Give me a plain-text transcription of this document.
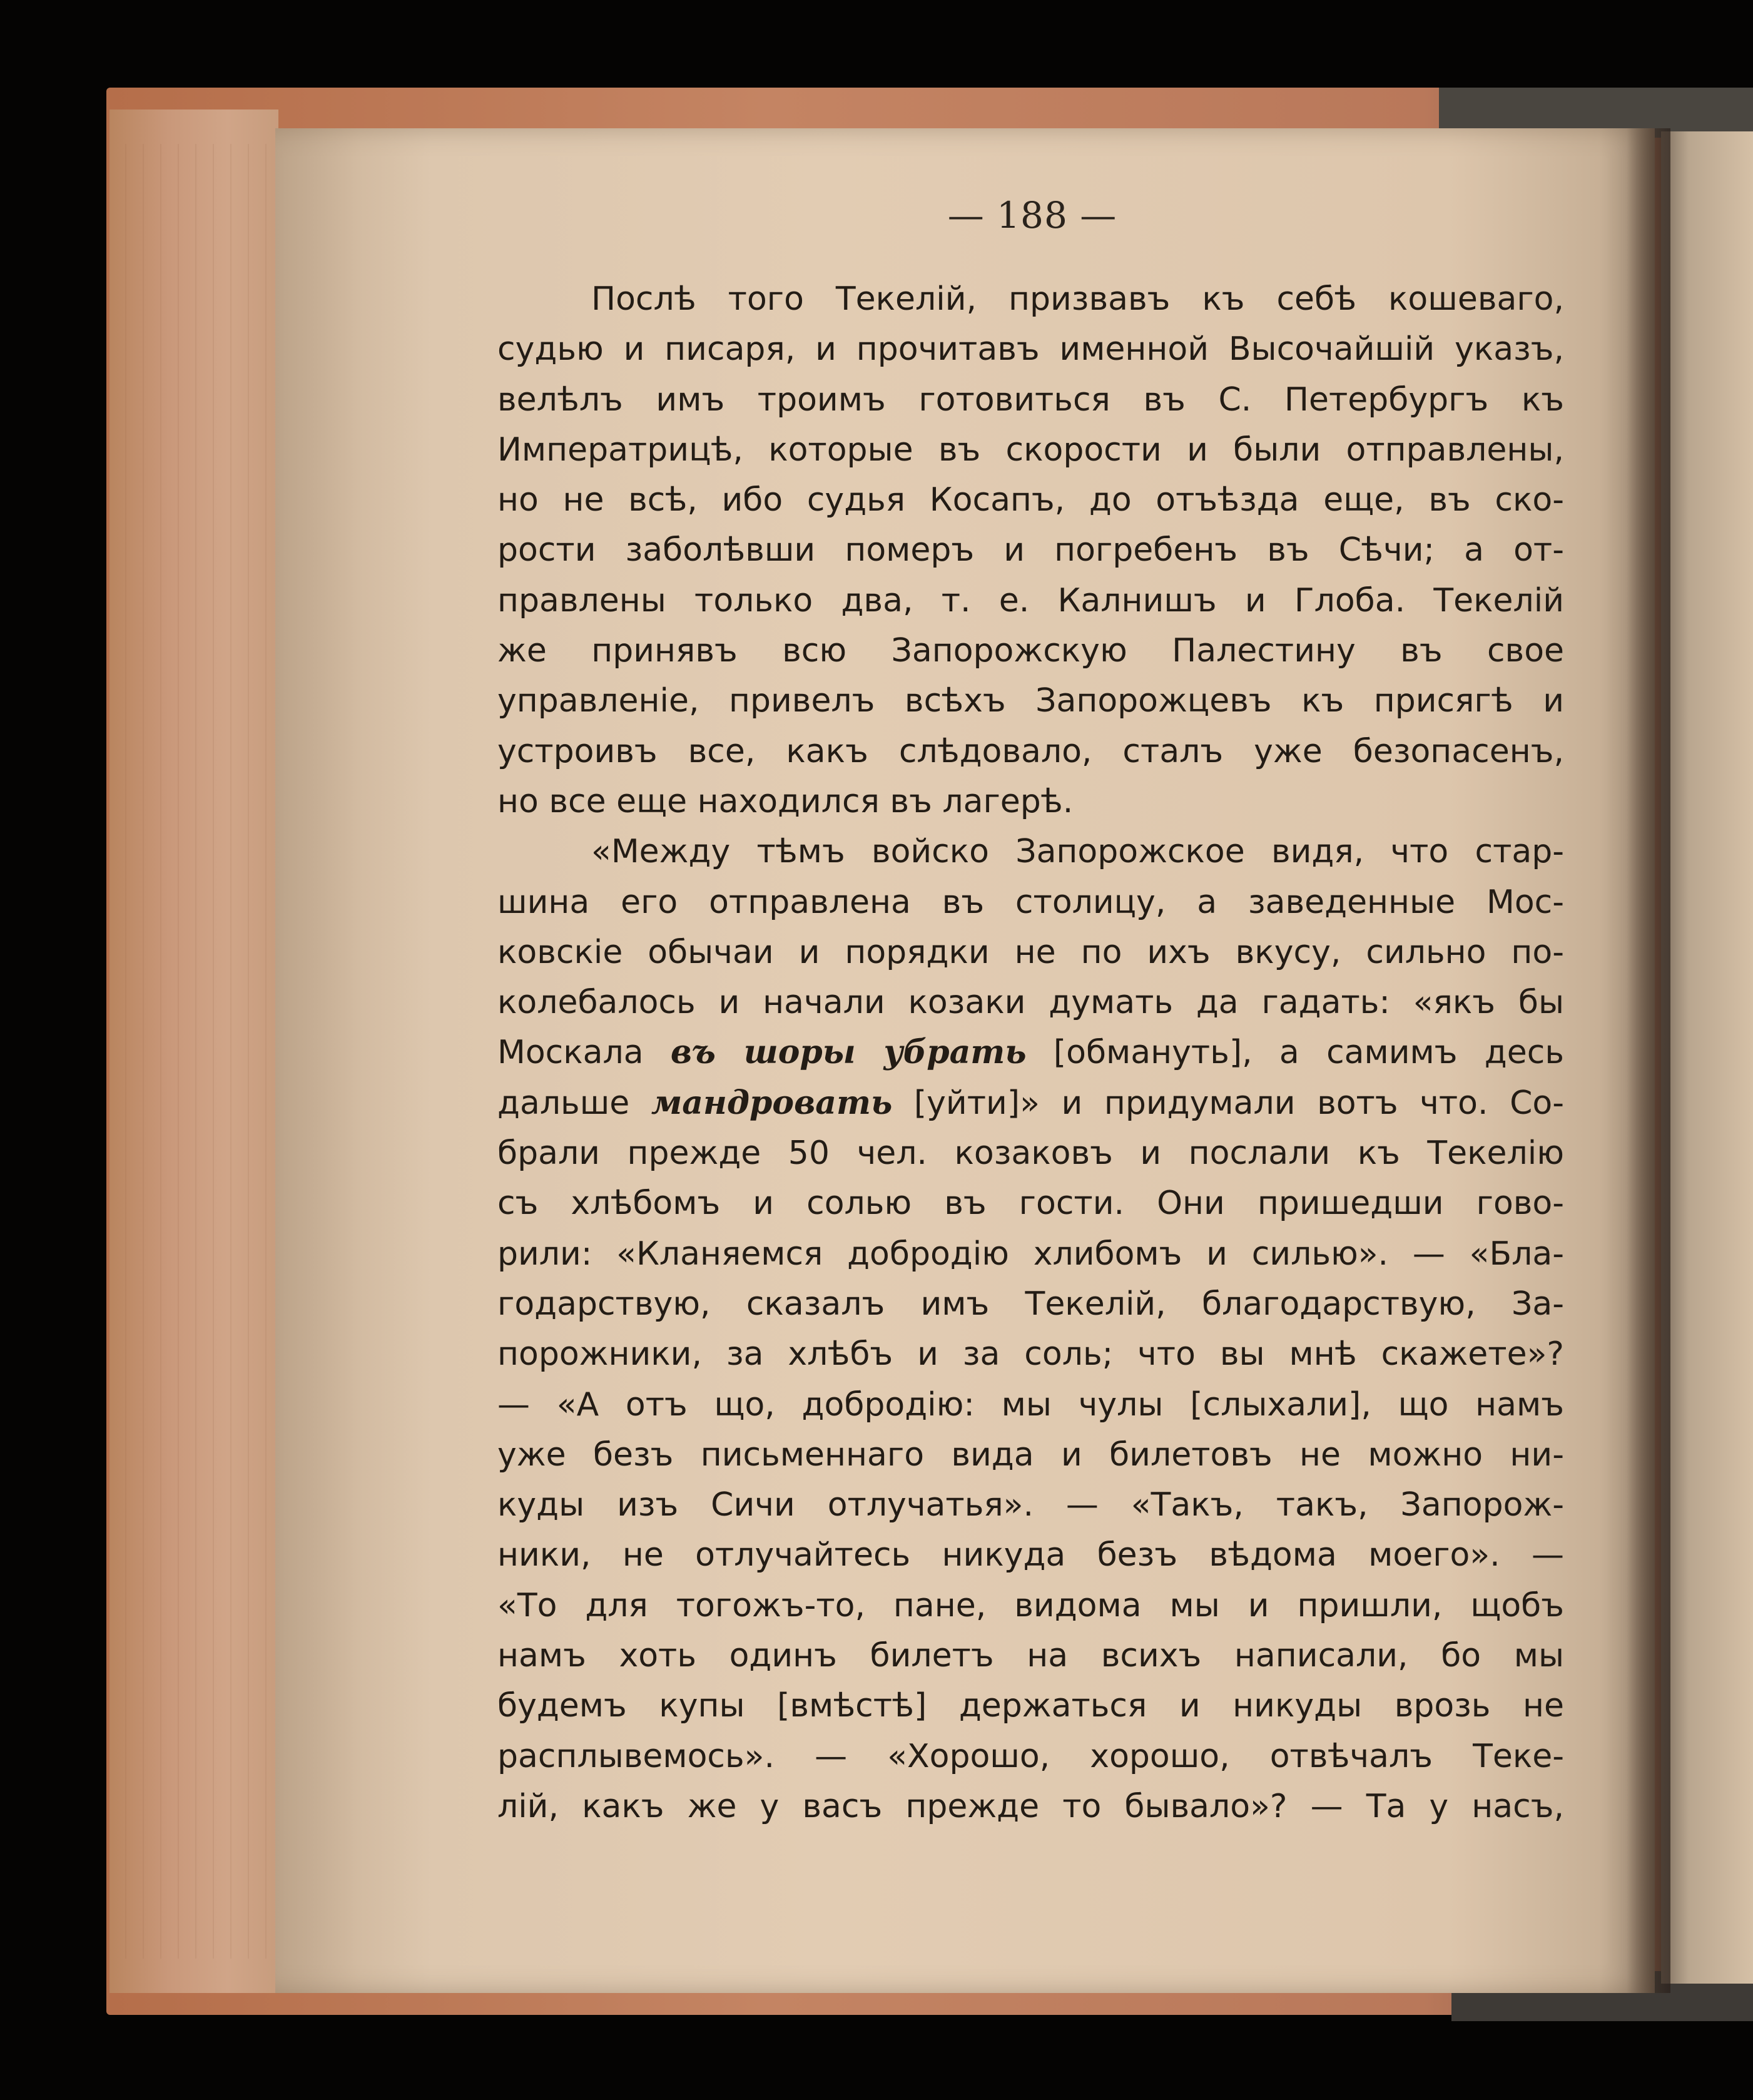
— 188 —
Послѣ того Текелій, призвавъ къ себѣ кошеваго,
судью и писаря, и прочитавъ именной Высочайшій указъ,
велѣлъ имъ троимъ готовиться въ С. Петербургъ къ
Императрицѣ, которые въ скорости и были отправлены,
но не всѣ, ибо судья Косапъ, до отъѣзда еще, въ ско-
рости заболѣвши померъ и погребенъ въ Сѣчи; а от-
правлены только два, т. е. Калнишъ и Глоба. Текелій
же принявъ всю Запорожскую Палестину въ свое
управленіе, привелъ всѣхъ Запорожцевъ къ присягѣ и
устроивъ все, какъ слѣдовало, сталъ уже безопасенъ,
но все еще находился въ лагерѣ.
«Между тѣмъ войско Запорожское видя, что стар-
шина его отправлена въ столицу, а заведенные Мос-
ковскіе обычаи и порядки не по ихъ вкусу, сильно по-
колебалось и начали козаки думать да гадать: «якъ бы
Москала въ шоры убрать [обмануть], а самимъ десь
дальше мандровать [уйти]» и придумали вотъ что. Со-
брали прежде 50 чел. козаковъ и послали къ Текелію
съ хлѣбомъ и солью въ гости. Они пришедши гово-
рили: «Кланяемся добродію хлибомъ и силью». — «Бла-
годарствую, сказалъ имъ Текелій, благодарствую, За-
порожники, за хлѣбъ и за соль; что вы мнѣ скажете»?
— «А отъ що, добродію: мы чулы [слыхали], що намъ
уже безъ письменнаго вида и билетовъ не можно ни-
куды изъ Сичи отлучатья». — «Такъ, такъ, Запорож-
ники, не отлучайтесь никуда безъ вѣдома моего». —
«То для тогожъ-то, пане, видома мы и пришли, щобъ
намъ хоть одинъ билетъ на всихъ написали, бо мы
будемъ купы [вмѣстѣ] держаться и никуды врозь не
расплывемось». — «Хорошо, хорошо, отвѣчалъ Теке-
лій, какъ же у васъ прежде то бывало»? — Та у насъ,
